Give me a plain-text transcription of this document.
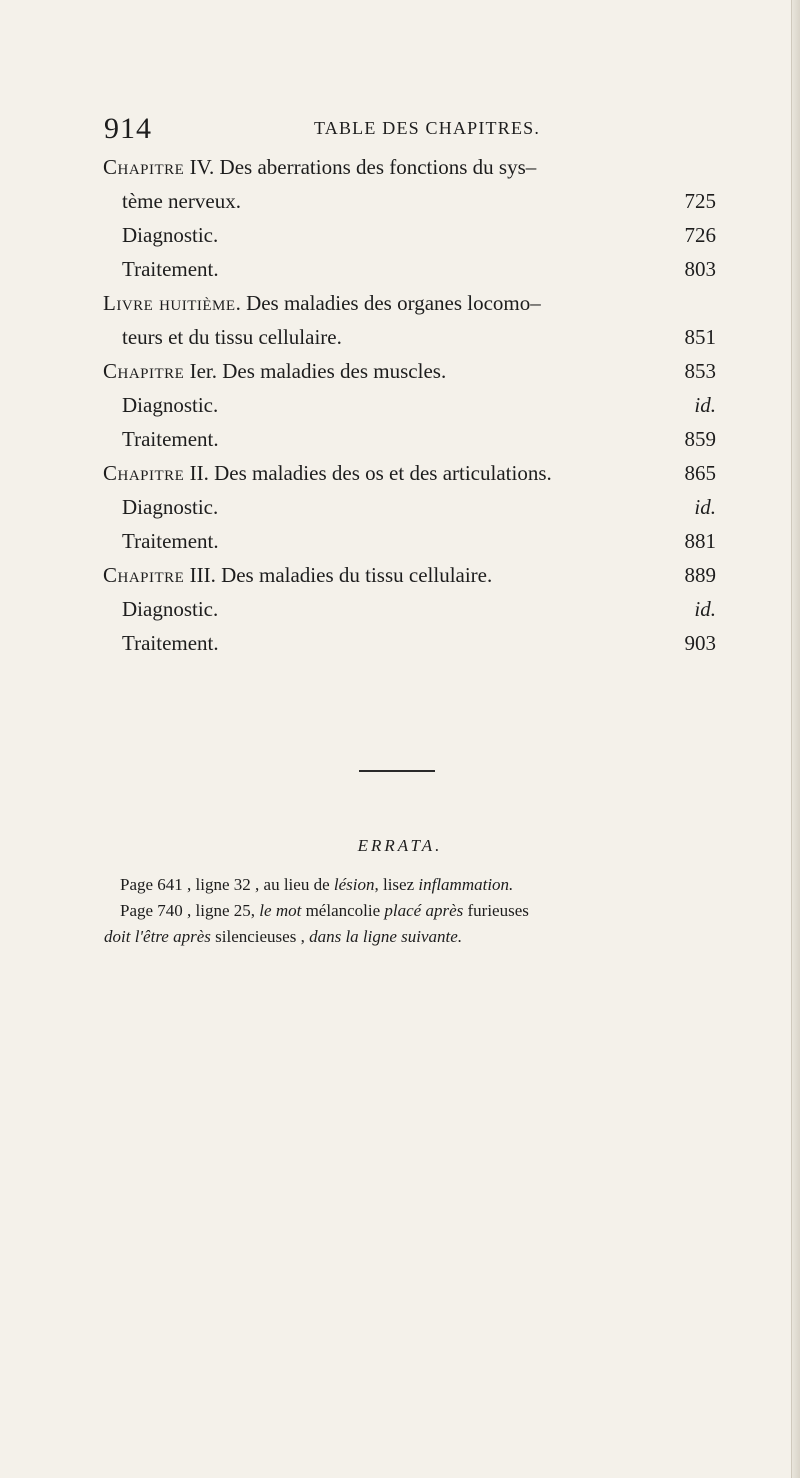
914	TABLE DES CHAPITRES.
Chapitre IV. Des aberrations des fonctions du sys–
tème nerveux.	725
Diagnostic.	726
Traitement.	803
Livre huitième. Des maladies des organes locomo–
teurs et du tissu cellulaire.	851
Chapitre Ier. Des maladies des muscles.	853
Diagnostic.	id.
Traitement.	859
Chapitre II. Des maladies des os et des articulations.	865
Diagnostic.	id.
Traitement.	881
Chapitre III. Des maladies du tissu cellulaire.	889
Diagnostic.	id.
Traitement.	903
ERRATA.

Page 641 , ligne 32 , au lieu de lésion, lisez inflammation.

Page 740 , ligne 25, le mot mélancolie placé après furieuses

doit l'être après silencieuses , dans la ligne suivante.
